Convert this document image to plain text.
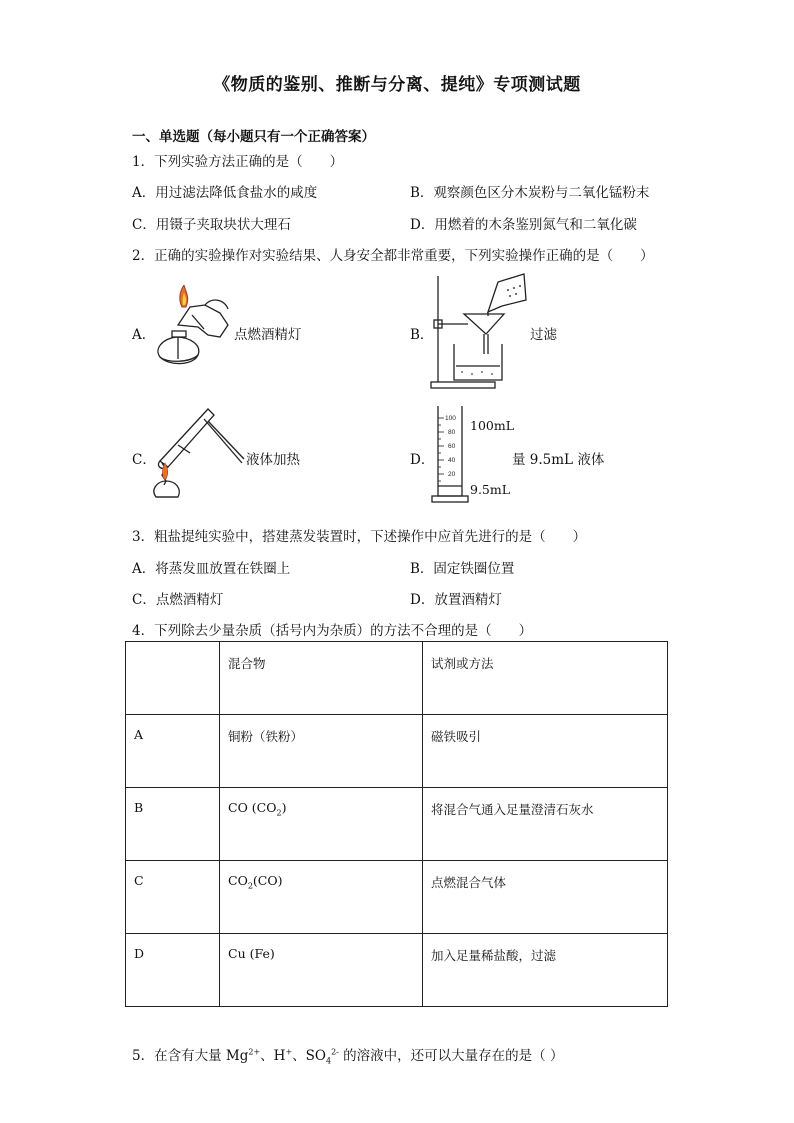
《物质的鉴别、推断与分离、提纯》专项测试题
一、单选题（每小题只有一个正确答案）
1．下列实验方法正确的是（　　）
A．用过滤法降低食盐水的咸度	B．观察颜色区分木炭粉与二氧化锰粉末
C．用镊子夹取块状大理石	D．用燃着的木条鉴别氮气和二氧化碳
2．正确的实验操作对实验结果、人身安全都非常重要，下列实验操作正确的是（　　）
A．	点燃酒精灯	B．	过滤
C．	液体加热	D．
100
80
60
40
20
100mL
量 9.5mL 液体
9.5mL
3．粗盐提纯实验中，搭建蒸发装置时，下述操作中应首先进行的是（　　）
A．将蒸发皿放置在铁圈上	B．固定铁圈位置
C．点燃酒精灯	D．放置酒精灯
4．下列除去少量杂质（括号内为杂质）的方法不合理的是（　　）
	混合物	试剂或方法
A	铜粉（铁粉）	磁铁吸引
B	CO $(CO_2)$	将混合气通入足量澄清石灰水
C	$CO_2(CO)$	点燃混合气体
D	Cu (Fe)	加入足量稀盐酸，过滤
5．在含有大量 $Mg^{2+}$、H+、$SO_4^{2-}$ 的溶液中，还可以大量存在的是（ ）
